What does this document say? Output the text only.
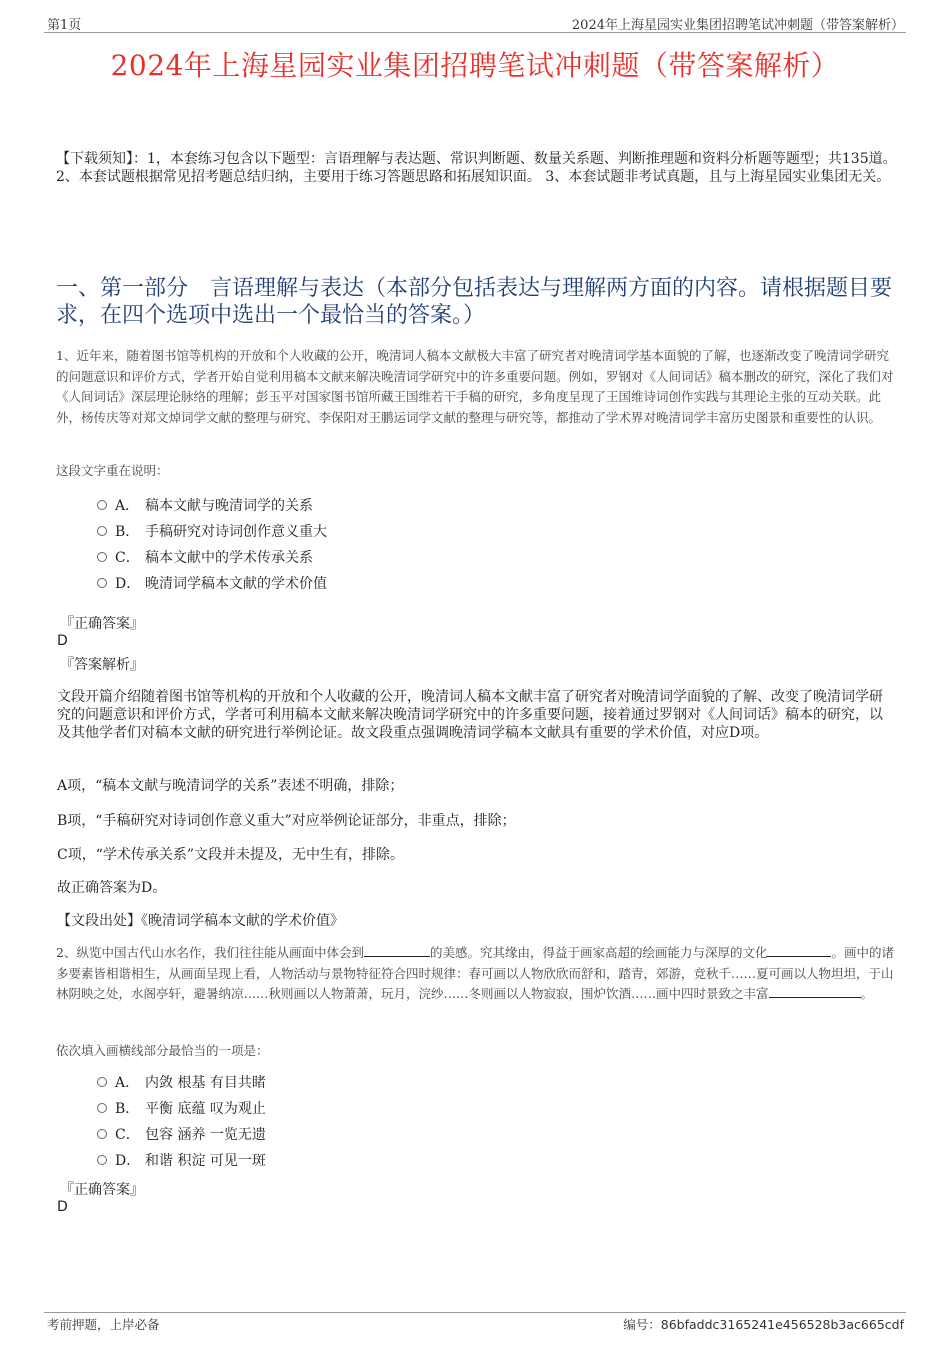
第1页	2024年上海星园实业集团招聘笔试冲刺题（带答案解析）
2024年上海星园实业集团招聘笔试冲刺题（带答案解析）
【下载须知】：1，本套练习包含以下题型：言语理解与表达题、常识判断题、数量关系题、判断推理题和资料分析题等题型；共135道。 2、本套试题根据常见招考题总结归纳，主要用于练习答题思路和拓展知识面。 3、本套试题非考试真题，且与上海星园实业集团无关。
一、第一部分　言语理解与表达（本部分包括表达与理解两方面的内容。请根据题目要求，在四个选项中选出一个最恰当的答案。）
1、近年来，随着图书馆等机构的开放和个人收藏的公开，晚清词人稿本文献极大丰富了研究者对晚清词学基本面貌的了解，也逐渐改变了晚清词学研究的问题意识和评价方式，学者开始自觉利用稿本文献来解决晚清词学研究中的许多重要问题。例如，罗钢对《人间词话》稿本删改的研究，深化了我们对《人间词话》深层理论脉络的理解；彭玉平对国家图书馆所藏王国维若干手稿的研究，多角度呈现了王国维诗词创作实践与其理论主张的互动关联。此外，杨传庆等对郑文焯词学文献的整理与研究、李保阳对王鹏运词学文献的整理与研究等，都推动了学术界对晚清词学丰富历史图景和重要性的认识。
这段文字重在说明：
A． 稿本文献与晚清词学的关系
B． 手稿研究对诗词创作意义重大
C． 稿本文献中的学术传承关系
D． 晚清词学稿本文献的学术价值
『正确答案』
D
『答案解析』
文段开篇介绍随着图书馆等机构的开放和个人收藏的公开，晚清词人稿本文献丰富了研究者对晚清词学面貌的了解、改变了晚清词学研究的问题意识和评价方式，学者可利用稿本文献来解决晚清词学研究中的许多重要问题，接着通过罗钢对《人间词话》稿本的研究，以及其他学者们对稿本文献的研究进行举例论证。故文段重点强调晚清词学稿本文献具有重要的学术价值，对应D项。
A项，“稿本文献与晚清词学的关系”表述不明确，排除；
B项，“手稿研究对诗词创作意义重大”对应举例论证部分，非重点，排除；
C项，“学术传承关系”文段并未提及，无中生有，排除。
故正确答案为D。
【文段出处】《晚清词学稿本文献的学术价值》
2、纵览中国古代山水名作，我们往往能从画面中体会到	的美感。究其缘由，得益于画家高超的绘画能力与深厚的文化	。画中的诸多要素皆相谐相生，从画面呈现上看，人物活动与景物特征符合四时规律：春可画以人物欣欣而舒和，踏青，郊游，竞秋千……夏可画以人物坦坦，于山林阴映之处，水阁亭轩，避暑纳凉……秋则画以人物萧萧，玩月，浣纱……冬则画以人物寂寂，围炉饮酒……画中四时景致之丰富	。
依次填入画横线部分最恰当的一项是：
A． 内敛 根基 有目共睹
B． 平衡 底蕴 叹为观止
C． 包容 涵养 一览无遗
D． 和谐 积淀 可见一斑
『正确答案』
D
考前押题，上岸必备	编号：86bfaddc3165241e456528b3ac665cdf
